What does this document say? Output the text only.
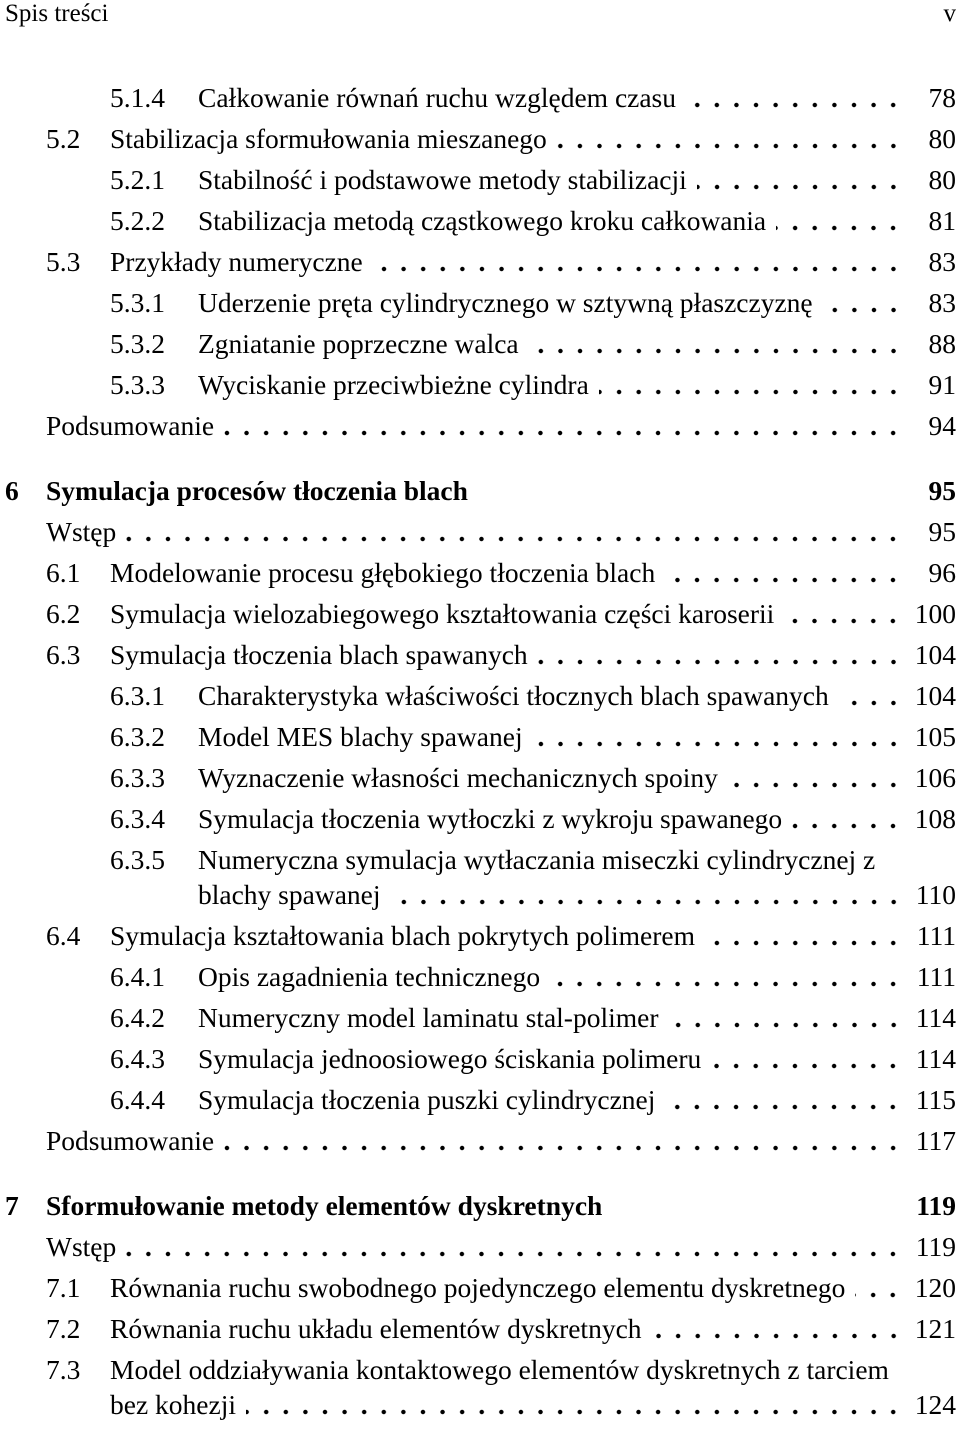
Spis treści	v
5.1.4 Całkowanie równań ruchu względem czasu	78
5.2 Stabilizacja sformułowania mieszanego	80
5.2.1 Stabilność i podstawowe metody stabilizacji	80
5.2.2 Stabilizacja metodą cząstkowego kroku całkowania	81
5.3 Przykłady numeryczne	83
5.3.1 Uderzenie pręta cylindrycznego w sztywną płaszczyznę	83
5.3.2 Zgniatanie poprzeczne walca	88
5.3.3 Wyciskanie przeciwbieżne cylindra	91
Podsumowanie	94
6 Symulacja procesów tłoczenia blach	95
Wstęp	95
6.1 Modelowanie procesu głębokiego tłoczenia blach	96
6.2 Symulacja wielozabiegowego kształtowania części karoserii	100
6.3 Symulacja tłoczenia blach spawanych	104
6.3.1 Charakterystyka właściwości tłocznych blach spawanych	104
6.3.2 Model MES blachy spawanej	105
6.3.3 Wyznaczenie własności mechanicznych spoiny	106
6.3.4 Symulacja tłoczenia wytłoczki z wykroju spawanego	108
6.3.5 Numeryczna symulacja wytłaczania miseczki cylindrycznej z
blachy spawanej	110
6.4 Symulacja kształtowania blach pokrytych polimerem	111
6.4.1 Opis zagadnienia technicznego	111
6.4.2 Numeryczny model laminatu stal-polimer	114
6.4.3 Symulacja jednoosiowego ściskania polimeru	114
6.4.4 Symulacja tłoczenia puszki cylindrycznej	115
Podsumowanie	117
7 Sformułowanie metody elementów dyskretnych	119
Wstęp	119
7.1 Równania ruchu swobodnego pojedynczego elementu dyskretnego	120
7.2 Równania ruchu układu elementów dyskretnych	121
7.3 Model oddziaływania kontaktowego elementów dyskretnych z tarciem
bez kohezji	124
